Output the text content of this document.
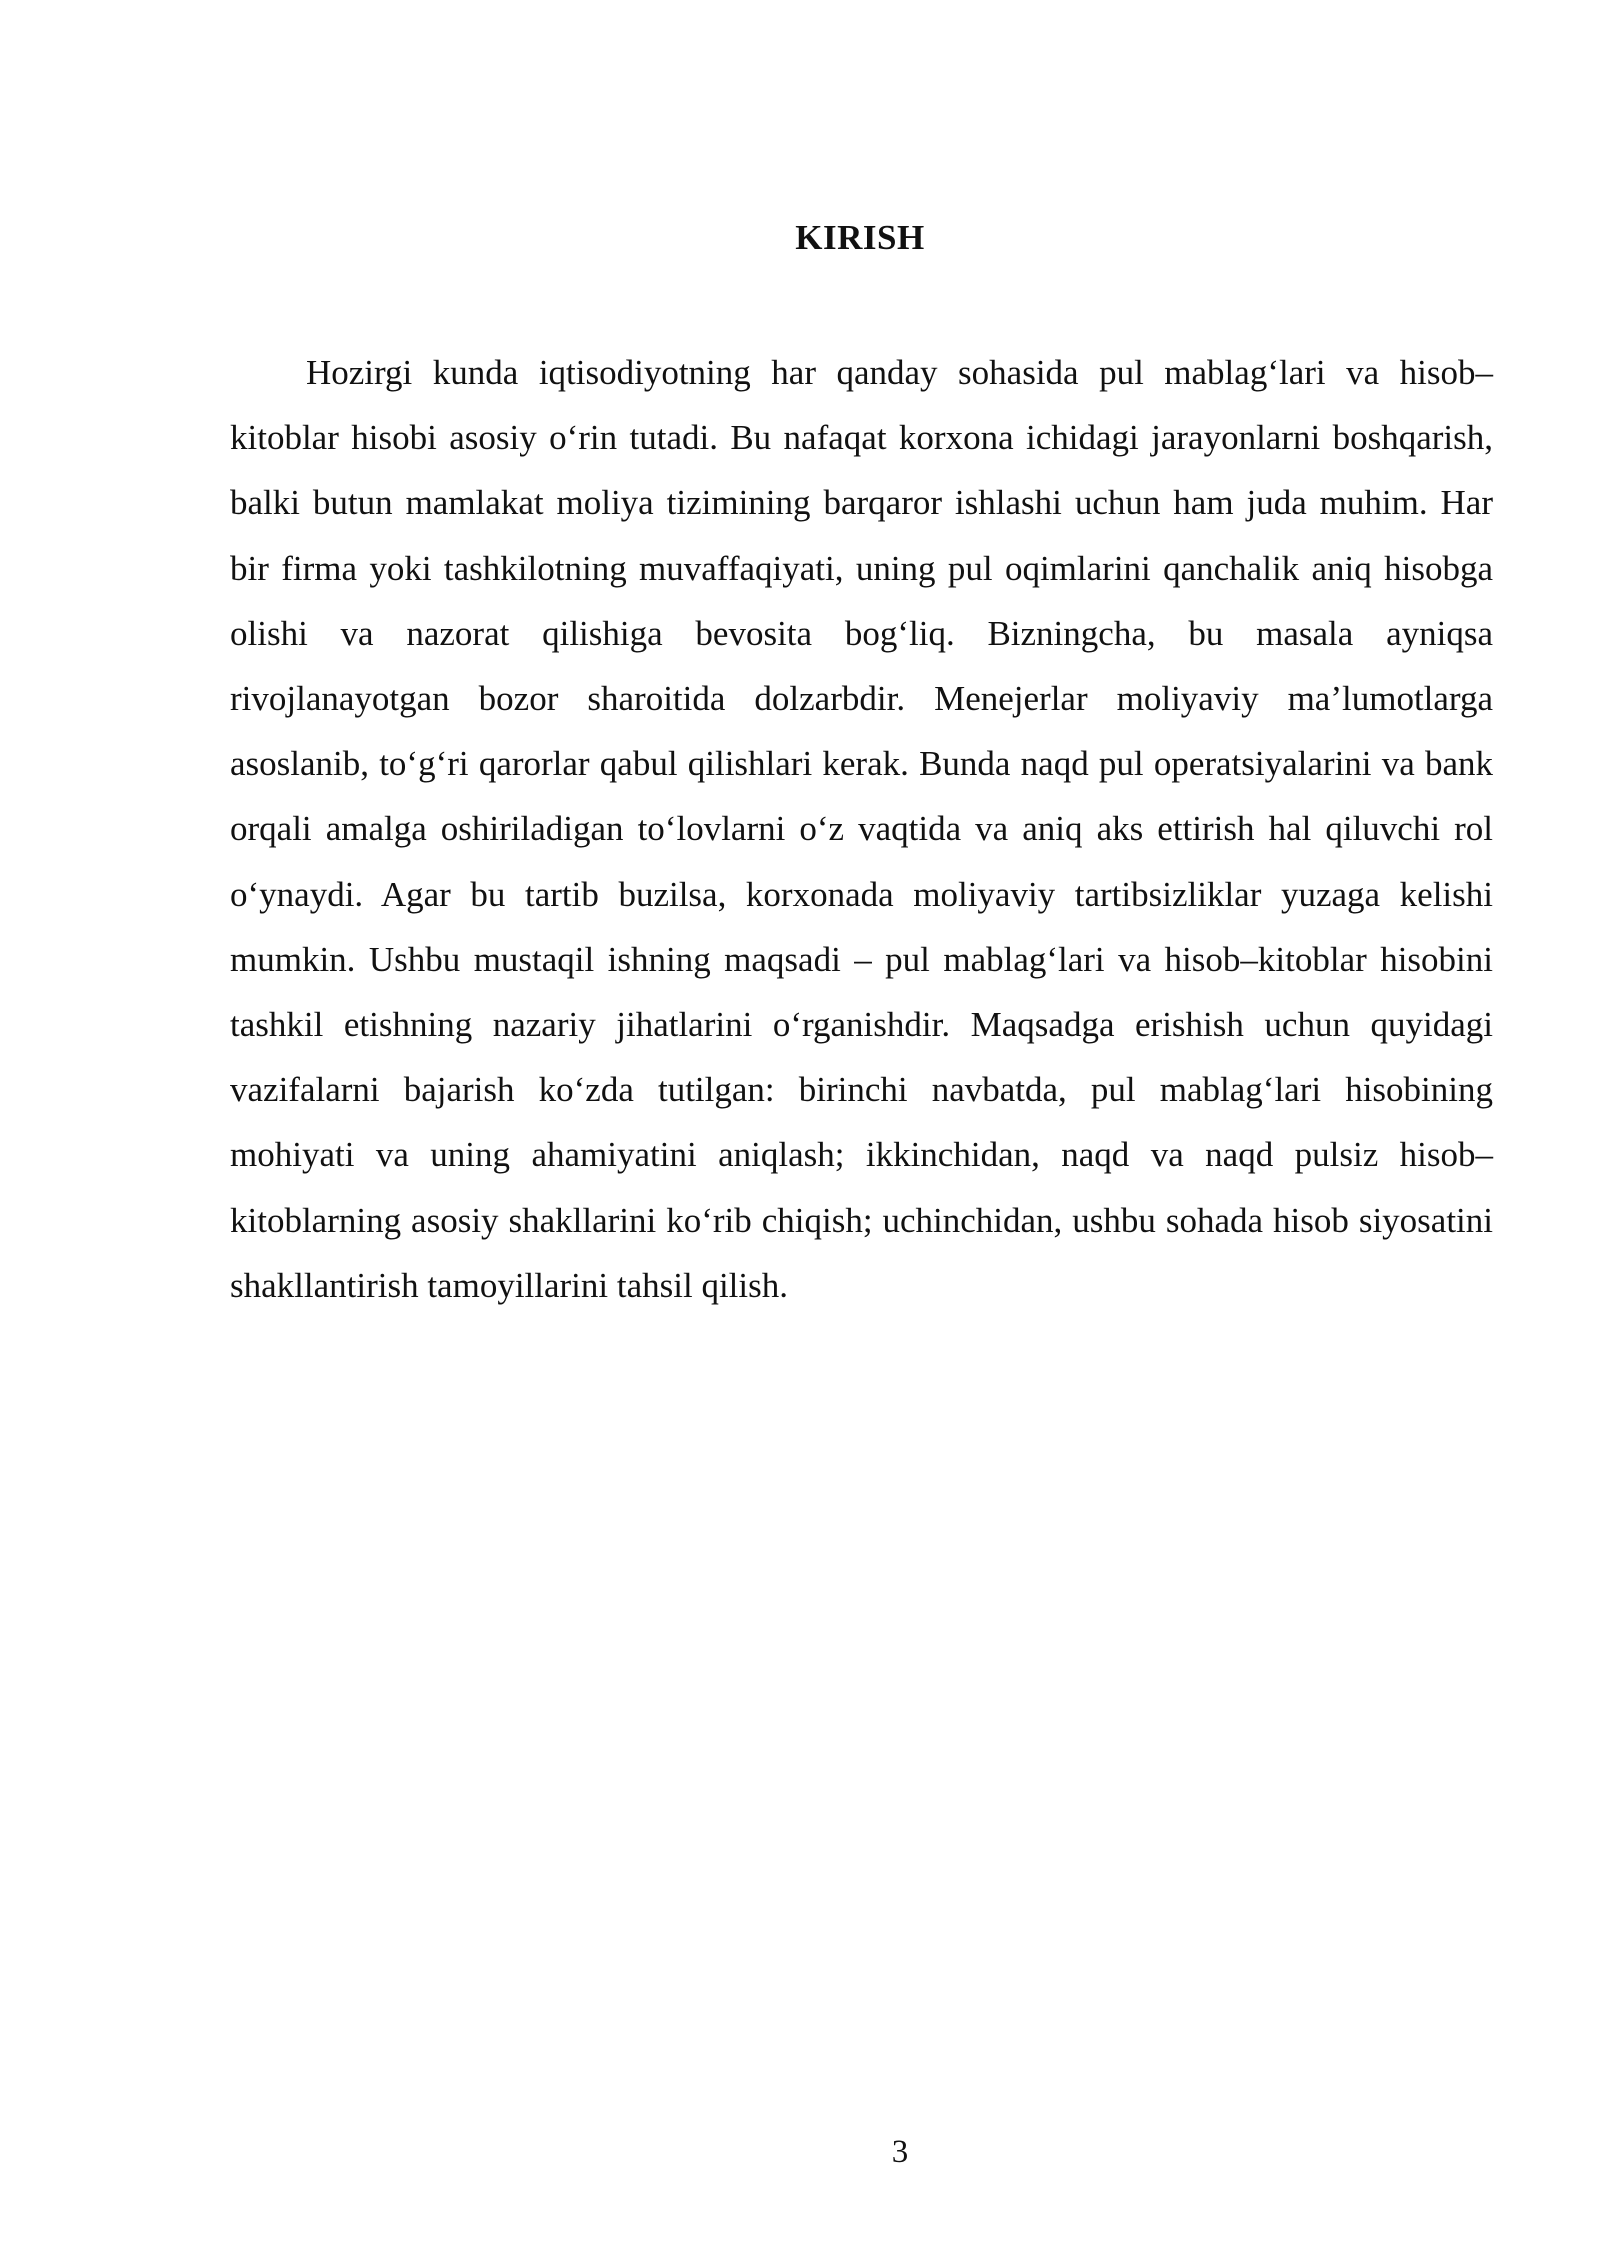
KIRISH

Hozirgi kunda iqtisodiyotning har qanday sohasida pul mablag‘lari va hisob–kitoblar hisobi asosiy o‘rin tutadi. Bu nafaqat korxona ichidagi jarayonlarni boshqarish, balki butun mamlakat moliya tizimining barqaror ishlashi uchun ham juda muhim. Har bir firma yoki tashkilotning muvaffaqiyati, uning pul oqimlarini qanchalik aniq hisobga olishi va nazorat qilishiga bevosita bog‘liq. Bizningcha, bu masala ayniqsa rivojlanayotgan bozor sharoitida dolzarbdir. Menejerlar moliyaviy ma’lumotlarga asoslanib, to‘g‘ri qarorlar qabul qilishlari kerak. Bunda naqd pul operatsiyalarini va bank orqali amalga oshiriladigan to‘lovlarni o‘z vaqtida va aniq aks ettirish hal qiluvchi rol o‘ynaydi. Agar bu tartib buzilsa, korxonada moliyaviy tartibsizliklar yuzaga kelishi mumkin. Ushbu mustaqil ishning maqsadi – pul mablag‘lari va hisob–kitoblar hisobini tashkil etishning nazariy jihatlarini o‘rganishdir. Maqsadga erishish uchun quyidagi vazifalarni bajarish ko‘zda tutilgan: birinchi navbatda, pul mablag‘lari hisobining mohiyati va uning ahamiyatini aniqlash; ikkinchidan, naqd va naqd pulsiz hisob–kitoblarning asosiy shakllarini ko‘rib chiqish; uchinchidan, ushbu sohada hisob siyosatini shakllantirish tamoyillarini tahsil qilish.

3
